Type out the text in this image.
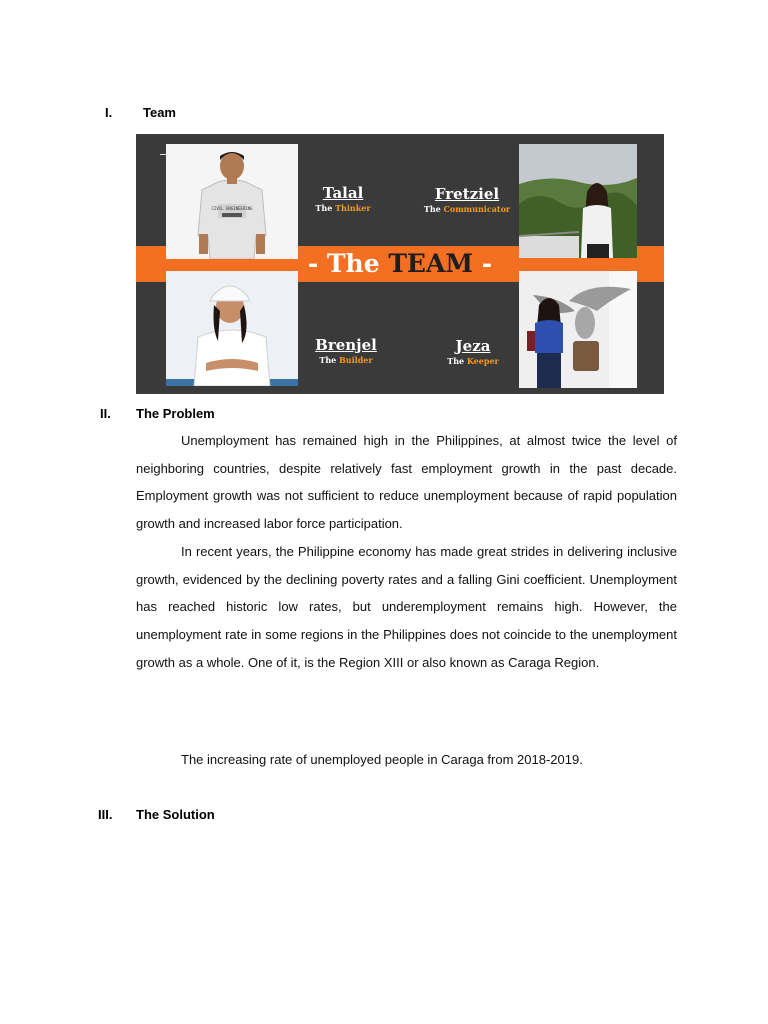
I. Team
- The TEAM -
CIVIL ENGINEERING
Talal
The Thinker
Fretziel
The Communicator
Brenjel
The Builder
Jeza
The Keeper
II. The Problem

Unemployment has remained high in the Philippines, at almost twice the level of neighboring countries, despite relatively fast employment growth in the past decade. Employment growth was not sufficient to reduce unemployment because of rapid population growth and increased labor force participation.

In recent years, the Philippine economy has made great strides in delivering inclusive growth, evidenced by the declining poverty rates and a falling Gini coefficient. Unemployment has reached historic low rates, but underemployment remains high. However, the unemployment rate in some regions in the Philippines does not coincide to the unemployment growth as a whole. One of it, is the Region XIII or also known as Caraga Region.

The increasing rate of unemployed people in Caraga from 2018-2019.
III. The Solution
